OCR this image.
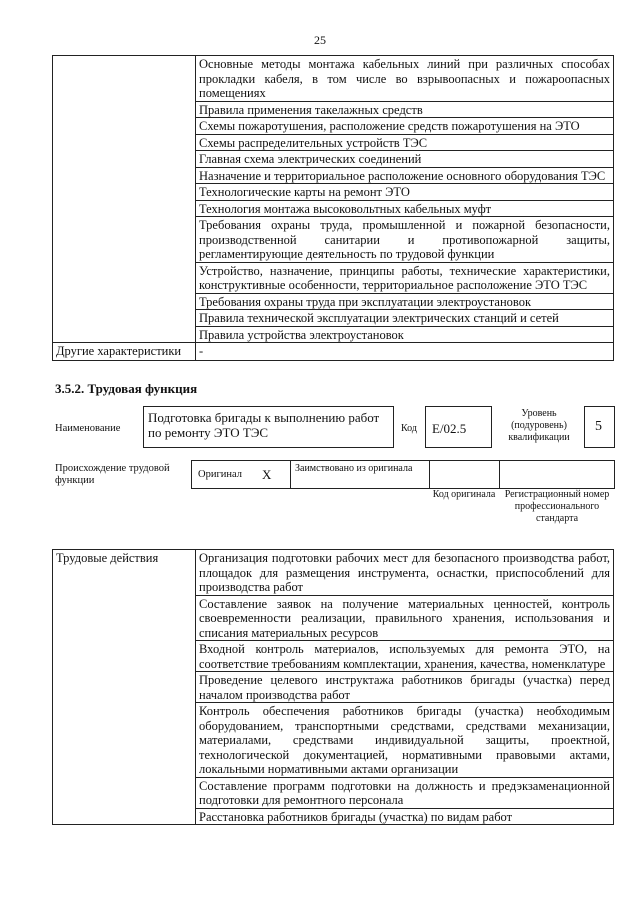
25
	Основные методы монтажа кабельных линий при различных способах прокладки кабеля, в том числе во взрывоопасных и пожароопасных помещениях
	Правила применения такелажных средств
	Схемы пожаротушения, расположение средств пожаротушения на ЭТО
	Схемы распределительных устройств ТЭС
	Главная схема электрических соединений
	Назначение и территориальное расположение основного оборудования ТЭС
	Технологические карты на ремонт ЭТО
	Технология монтажа высоковольтных кабельных муфт
	Требования охраны труда, промышленной и пожарной безопасности, производственной санитарии и противопожарной защиты, регламентирующие деятельность по трудовой функции
	Устройство, назначение, принципы работы, технические характеристики, конструктивные особенности, территориальное расположение ЭТО ТЭС
	Требования охраны труда при эксплуатации электроустановок
	Правила технической эксплуатации электрических станций и сетей
	Правила устройства электроустановок
Другие характеристики	-
3.5.2. Трудовая функция
Наименование
Подготовка бригады к выполнению работ по ремонту ЭТО ТЭС	Код	E/02.5
Уровень (подуровень) квалификации
5
Происхождение трудовой функции
Оригинал X Заимствовано из оригинала
Код оригинала Регистрационный номер профессионального стандарта
Трудовые действия	Организация подготовки рабочих мест для безопасного производства работ, площадок для размещения инструмента, оснастки, приспособлений для производства работ
Составление заявок на получение материальных ценностей, контроль своевременности реализации, правильного хранения, использования и списания материальных ресурсов
Входной контроль материалов, используемых для ремонта ЭТО, на соответствие требованиям комплектации, хранения, качества, номенклатуре
Проведение целевого инструктажа работников бригады (участка) перед началом производства работ
Контроль обеспечения работников бригады (участка) необходимым оборудованием, транспортными средствами, средствами механизации, материалами, средствами индивидуальной защиты, проектной, технологической документацией, нормативными правовыми актами, локальными нормативными актами организации
Составление программ подготовки на должность и предэкзаменационной подготовки для ремонтного персонала
Расстановка работников бригады (участка) по видам работ
